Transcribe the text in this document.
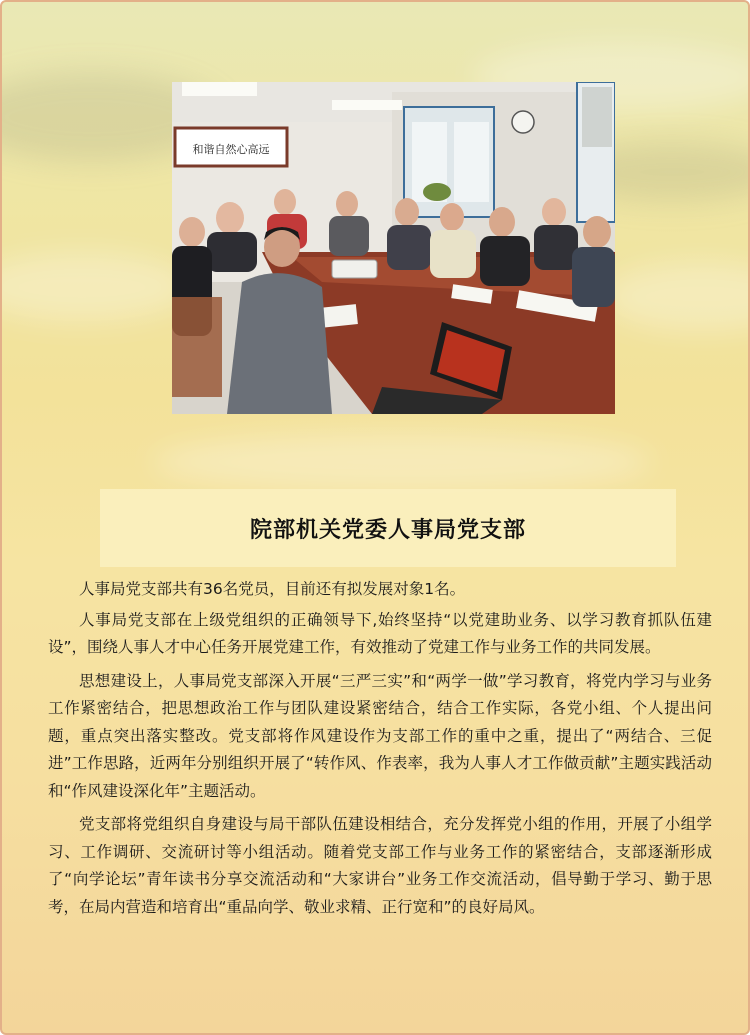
和谐自然心高远
院部机关党委人事局党支部

人事局党支部共有36名党员，目前还有拟发展对象1名。

人事局党支部在上级党组织的正确领导下,始终坚持“以党建助业务、以学习教育抓队伍建设”，围绕人事人才中心任务开展党建工作，有效推动了党建工作与业务工作的共同发展。

思想建设上，人事局党支部深入开展“三严三实”和“两学一做”学习教育，将党内学习与业务工作紧密结合，把思想政治工作与团队建设紧密结合，结合工作实际，各党小组、个人提出问题，重点突出落实整改。党支部将作风建设作为支部工作的重中之重，提出了“两结合、三促进”工作思路，近两年分别组织开展了“转作风、作表率，我为人事人才工作做贡献”主题实践活动和“作风建设深化年”主题活动。

党支部将党组织自身建设与局干部队伍建设相结合，充分发挥党小组的作用，开展了小组学习、工作调研、交流研讨等小组活动。随着党支部工作与业务工作的紧密结合，支部逐渐形成了“向学论坛”青年读书分享交流活动和“大家讲台”业务工作交流活动，倡导勤于学习、勤于思考，在局内营造和培育出“重品向学、敬业求精、正行宽和”的良好局风。
